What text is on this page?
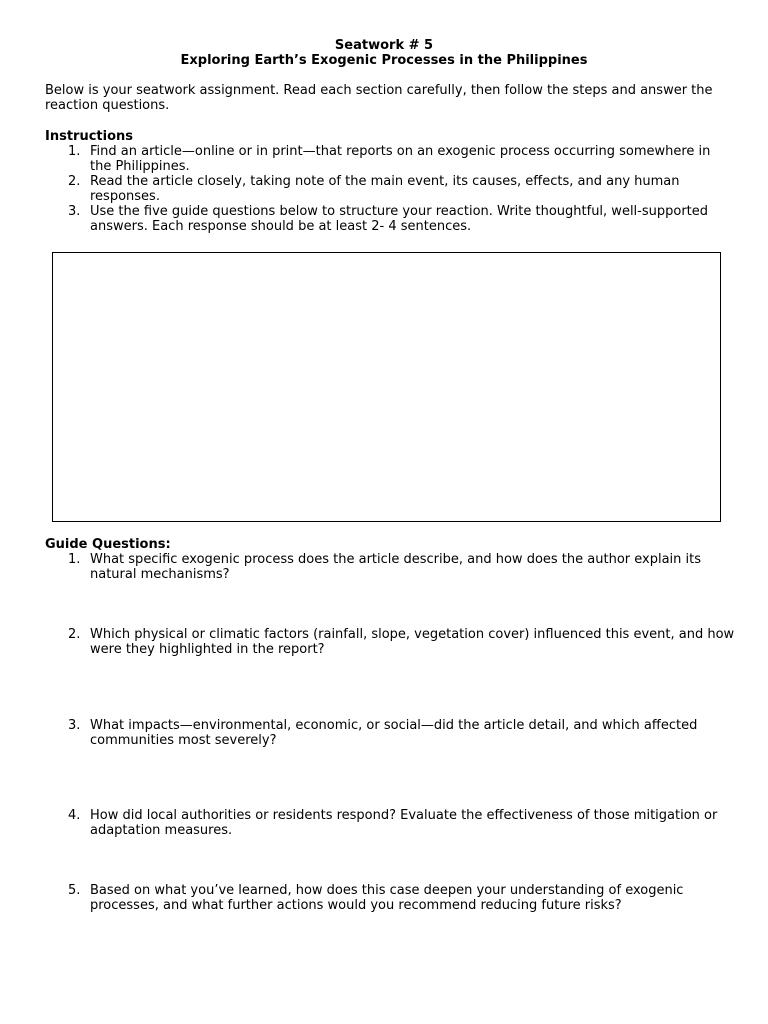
Seatwork # 5
Exploring Earth’s Exogenic Processes in the Philippines
Below is your seatwork assignment. Read each section carefully, then follow the steps and answer the reaction questions.
Instructions
1. Find an article—online or in print—that reports on an exogenic process occurring somewhere in the Philippines.
2. Read the article closely, taking note of the main event, its causes, effects, and any human responses.
3. Use the five guide questions below to structure your reaction. Write thoughtful, well-supported answers. Each response should be at least 2- 4 sentences.
Guide Questions:
1. What specific exogenic process does the article describe, and how does the author explain its natural mechanisms?
2. Which physical or climatic factors (rainfall, slope, vegetation cover) influenced this event, and how were they highlighted in the report?
3. What impacts—environmental, economic, or social—did the article detail, and which affected communities most severely?
4. How did local authorities or residents respond? Evaluate the effectiveness of those mitigation or adaptation measures.
5. Based on what you’ve learned, how does this case deepen your understanding of exogenic processes, and what further actions would you recommend reducing future risks?
